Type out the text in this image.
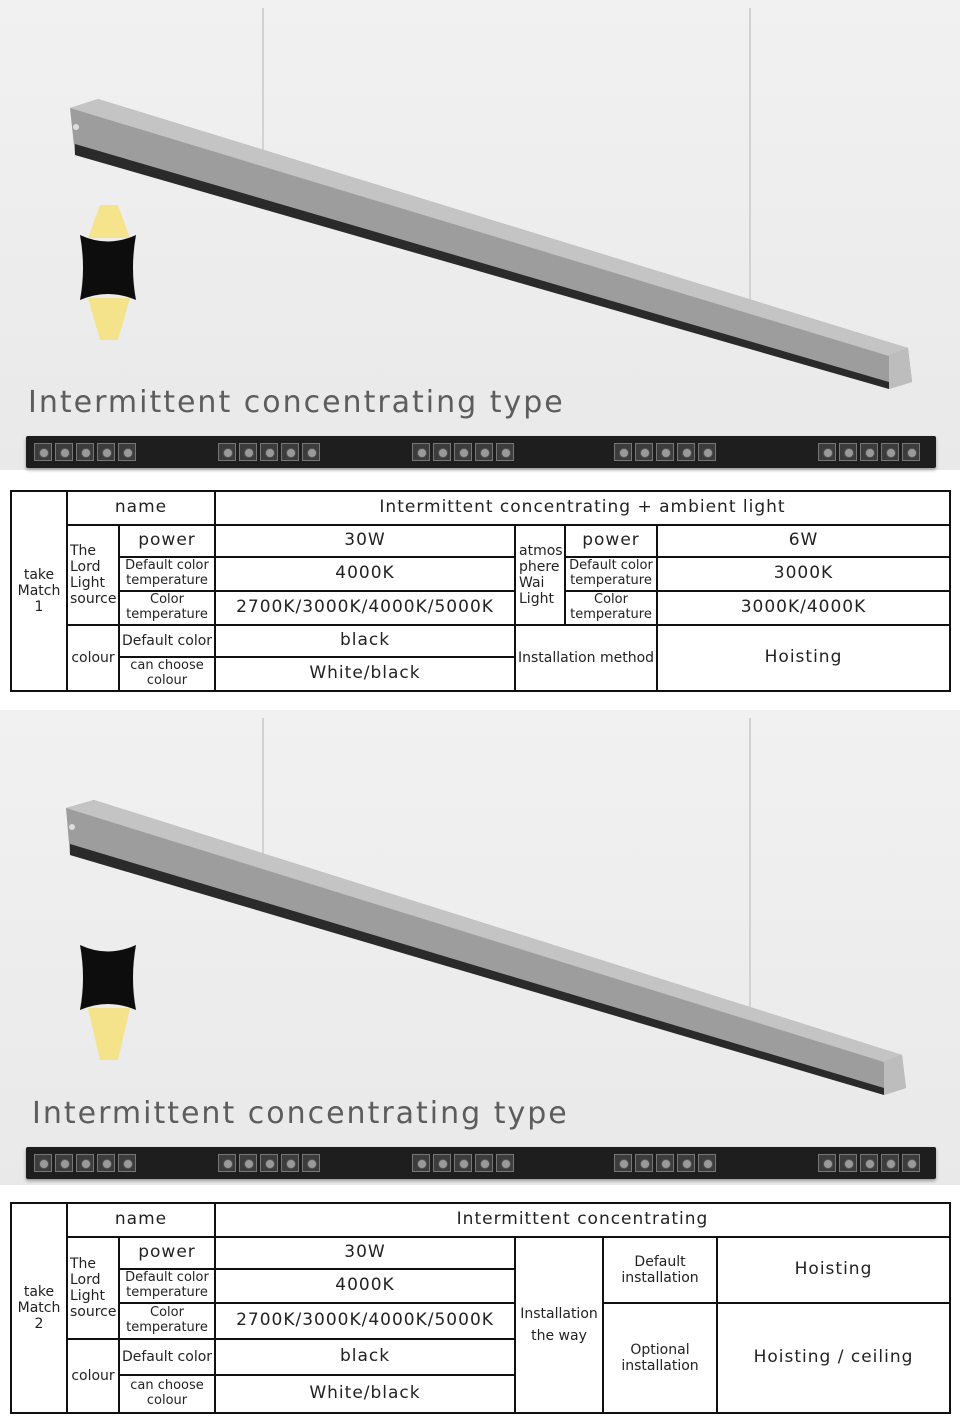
Intermittent concentrating type
take
Match
1
name	Intermittent concentrating + ambient light
The
Lord
Light
source
power	30W
Default color temperature	4000K
Color temperature	2700K/3000K/4000K/5000K
colour
Default color	black
can choose colour	White/black
atmos
phere
Wai
Light
power	6W
Default color temperature	3000K
Color temperature	3000K/4000K
Installation method	Hoisting
Intermittent concentrating type
take
Match
2
name	Intermittent concentrating
The
Lord
Light
source
power	30W
Default color temperature	4000K
Color temperature	2700K/3000K/4000K/5000K
colour
Default color	black
can choose colour	White/black
Installation
the way
Default installation	Hoisting
Optional installation	Hoisting / ceiling
